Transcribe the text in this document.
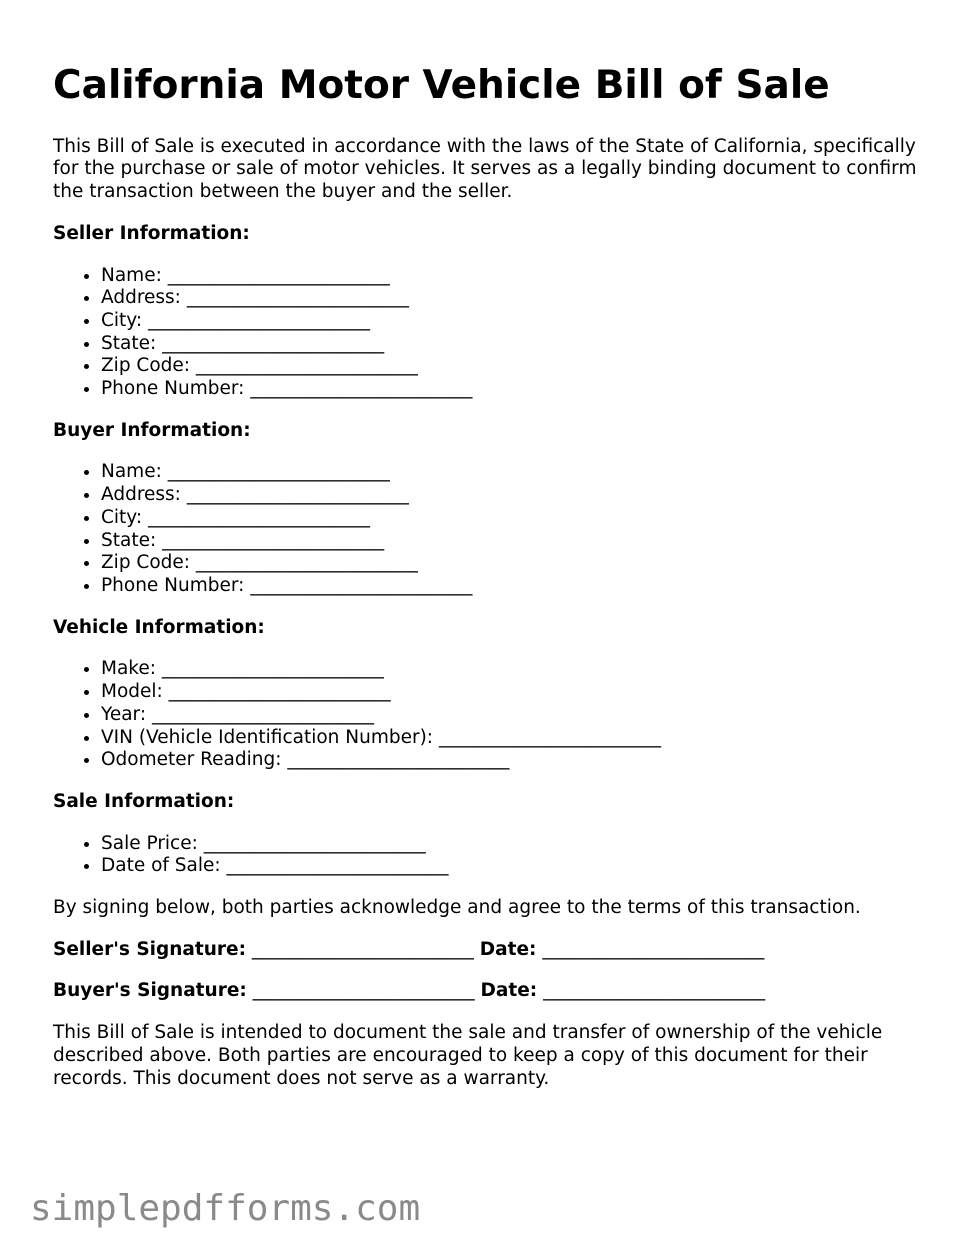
California Motor Vehicle Bill of Sale

This Bill of Sale is executed in accordance with the laws of the State of California, specifically for the purchase or sale of motor vehicles. It serves as a legally binding document to confirm the transaction between the buyer and the seller.

Seller Information:
• Name: ________________________
• Address: ________________________
• City: ________________________
• State: ________________________
• Zip Code: ________________________
• Phone Number: ________________________
Buyer Information:
• Name: ________________________
• Address: ________________________
• City: ________________________
• State: ________________________
• Zip Code: ________________________
• Phone Number: ________________________
Vehicle Information:
• Make: ________________________
• Model: ________________________
• Year: ________________________
• VIN (Vehicle Identification Number): ________________________
• Odometer Reading: ________________________
Sale Information:
• Sale Price: ________________________
• Date of Sale: ________________________

By signing below, both parties acknowledge and agree to the terms of this transaction.

Seller's Signature: ________________________ Date: ________________________

Buyer's Signature: ________________________ Date: ________________________

This Bill of Sale is intended to document the sale and transfer of ownership of the vehicle described above. Both parties are encouraged to keep a copy of this document for their records. This document does not serve as a warranty.

simplepdfforms.com
